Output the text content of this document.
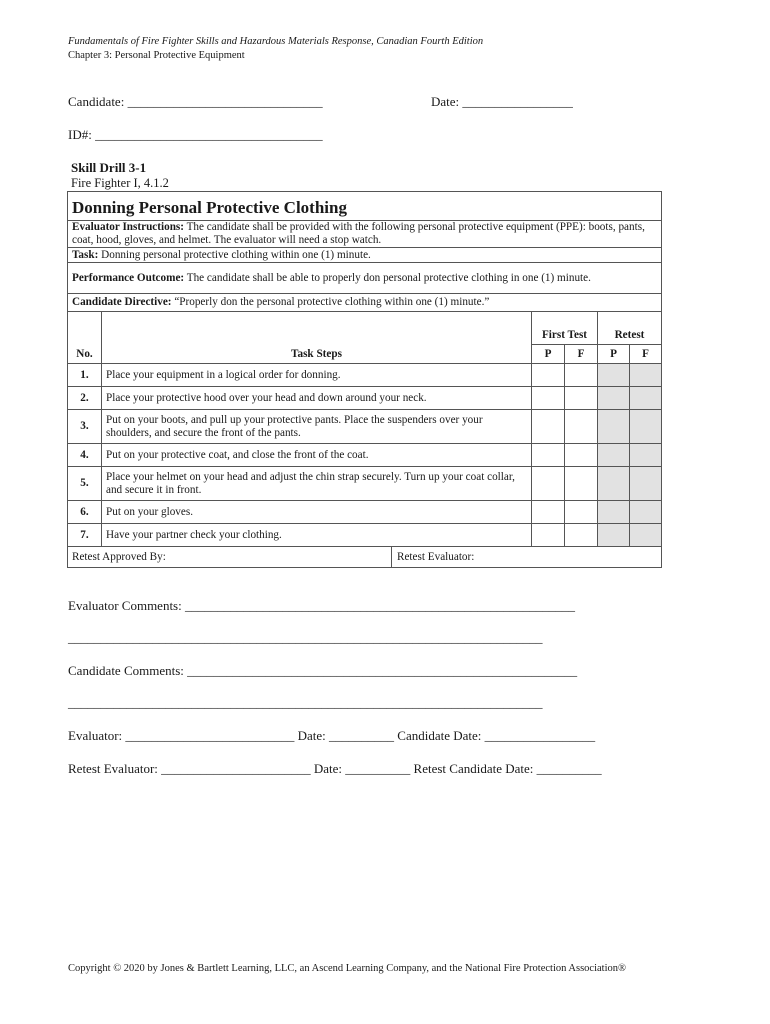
Fundamentals of Fire Fighter Skills and Hazardous Materials Response, Canadian Fourth Edition
Chapter 3: Personal Protective Equipment
Candidate: ______________________________	Date: _________________
ID#: ___________________________________
Skill Drill 3-1
Fire Fighter I, 4.1.2
Donning Personal Protective Clothing					
Evaluator Instructions: The candidate shall be provided with the following personal protective equipment (PPE): boots, pants, coat, hood, gloves, and helmet. The evaluator will need a stop watch.					
Task: Donning personal protective clothing within one (1) minute.					
Performance Outcome: The candidate shall be able to properly don personal protective clothing in one (1) minute.					
Candidate Directive: “Properly don the personal protective clothing within one (1) minute.”					
No.	Task Steps	First Test		Retest	
		P	F	P	F
1.	Place your equipment in a logical order for donning.				
2.	Place your protective hood over your head and down around your neck.				
3.	Put on your boots, and pull up your protective pants. Place the suspenders over your shoulders, and secure the front of the pants.				
4.	Put on your protective coat, and close the front of the coat.				
5.	Place your helmet on your head and adjust the chin strap securely. Turn up your coat collar, and secure it in front.				
6.	Put on your gloves.				
7.	Have your partner check your clothing.				

Retest Approved By: Retest Evaluator:					

Evaluator Comments: ____________________________________________________________
_________________________________________________________________________
Candidate Comments: ____________________________________________________________
_________________________________________________________________________
Evaluator: __________________________ Date: __________ Candidate Date: _________________
Retest Evaluator: _______________________ Date: __________ Retest Candidate Date: __________
Copyright © 2020 by Jones & Bartlett Learning, LLC, an Ascend Learning Company, and the National Fire Protection Association®
